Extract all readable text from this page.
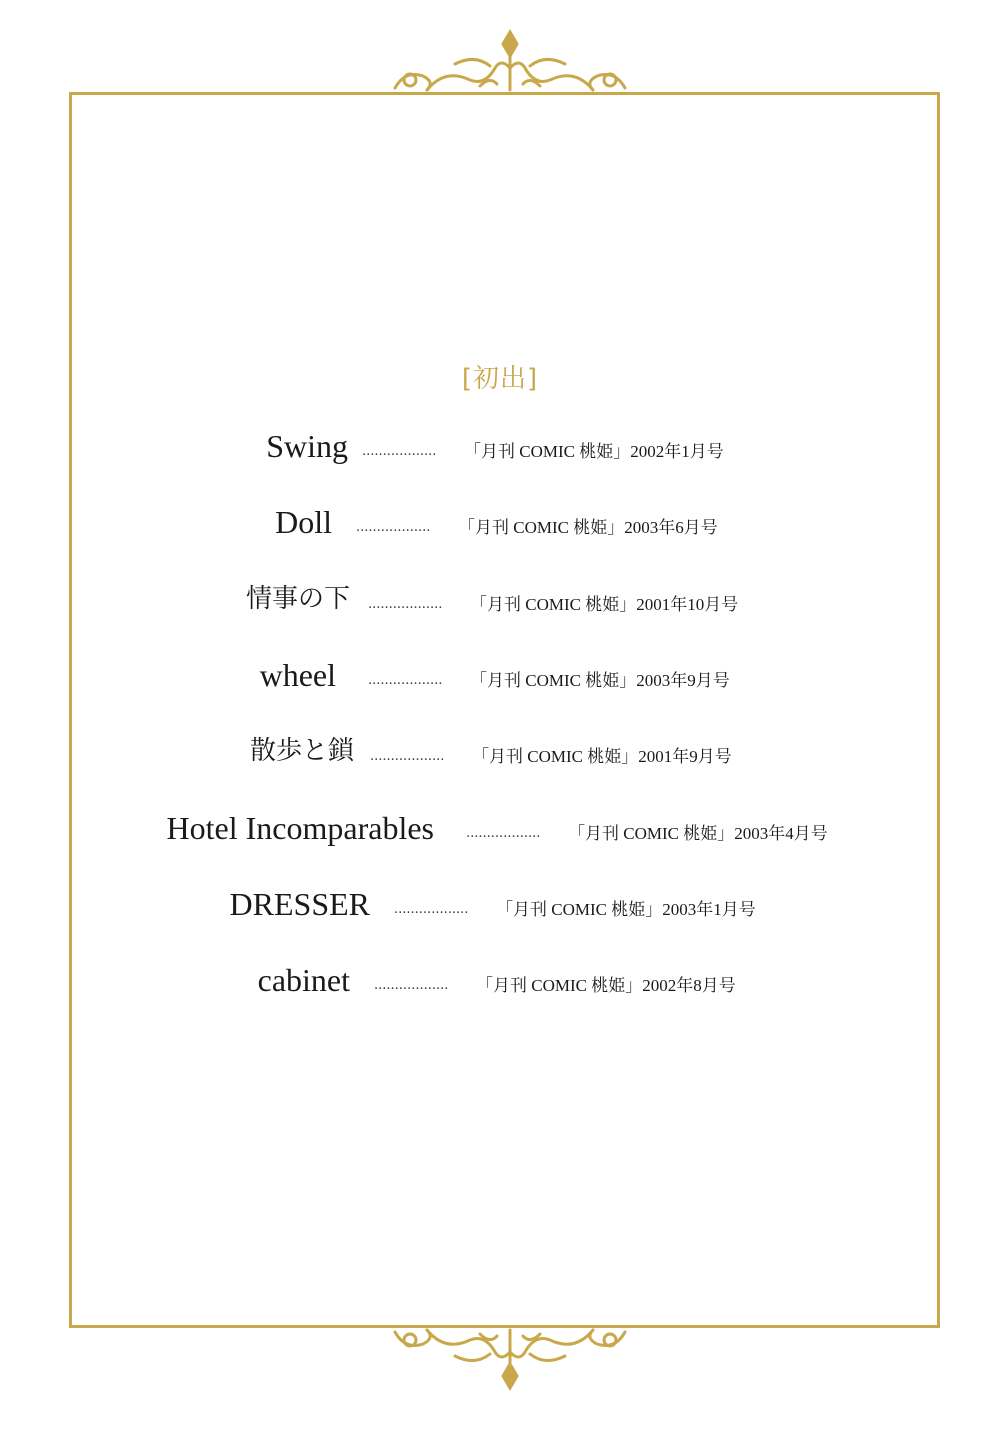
[初出]
Swing .................. 「月刊 COMIC 桃姫」2002年1月号
Doll .................. 「月刊 COMIC 桃姫」2003年6月号
情事の下 .................. 「月刊 COMIC 桃姫」2001年10月号
wheel .................. 「月刊 COMIC 桃姫」2003年9月号
散歩と鎖 .................. 「月刊 COMIC 桃姫」2001年9月号
Hotel Incomparables .................. 「月刊 COMIC 桃姫」2003年4月号
DRESSER .................. 「月刊 COMIC 桃姫」2003年1月号
cabinet .................. 「月刊 COMIC 桃姫」2002年8月号
